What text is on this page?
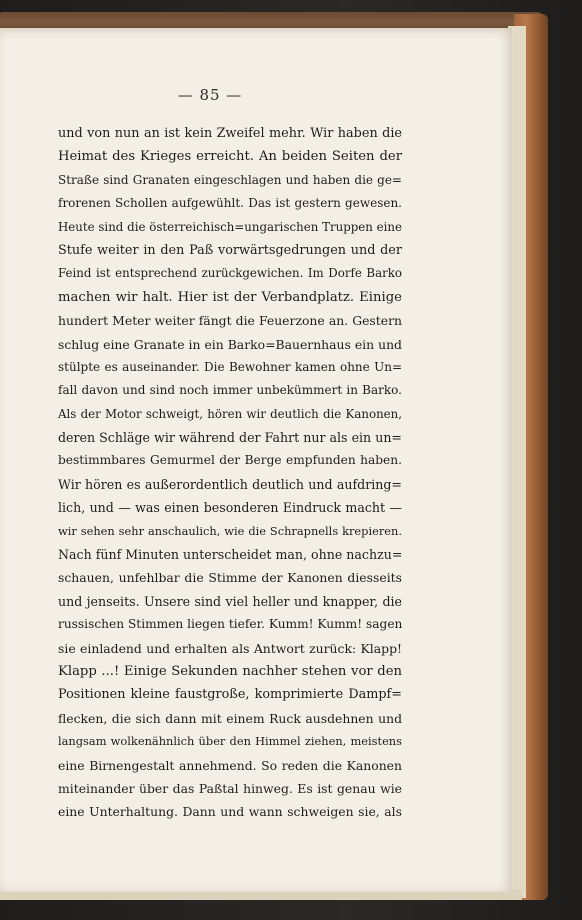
— 85 —
und von nun an ist kein Zweifel mehr. Wir haben die
Heimat des Krieges erreicht. An beiden Seiten der
Straße sind Granaten eingeschlagen und haben die ge=
frorenen Schollen aufgewühlt. Das ist gestern gewesen.
Heute sind die österreichisch=ungarischen Truppen eine
Stufe weiter in den Paß vorwärtsgedrungen und der
Feind ist entsprechend zurückgewichen. Im Dorfe Barko
machen wir halt. Hier ist der Verbandplatz. Einige
hundert Meter weiter fängt die Feuerzone an. Gestern
schlug eine Granate in ein Barko=Bauernhaus ein und
stülpte es auseinander. Die Bewohner kamen ohne Un=
fall davon und sind noch immer unbekümmert in Barko.
Als der Motor schweigt, hören wir deutlich die Kanonen,
deren Schläge wir während der Fahrt nur als ein un=
bestimmbares Gemurmel der Berge empfunden haben.
Wir hören es außerordentlich deutlich und aufdring=
lich, und — was einen besonderen Eindruck macht —
wir sehen sehr anschaulich, wie die Schrapnells krepieren.
Nach fünf Minuten unterscheidet man, ohne nachzu=
schauen, unfehlbar die Stimme der Kanonen diesseits
und jenseits. Unsere sind viel heller und knapper, die
russischen Stimmen liegen tiefer. Kumm! Kumm! sagen
sie einladend und erhalten als Antwort zurück: Klapp!
Klapp ...! Einige Sekunden nachher stehen vor den
Positionen kleine faustgroße, komprimierte Dampf=
flecken, die sich dann mit einem Ruck ausdehnen und
langsam wolkenähnlich über den Himmel ziehen, meistens
eine Birnengestalt annehmend. So reden die Kanonen
miteinander über das Paßtal hinweg. Es ist genau wie
eine Unterhaltung. Dann und wann schweigen sie, als
